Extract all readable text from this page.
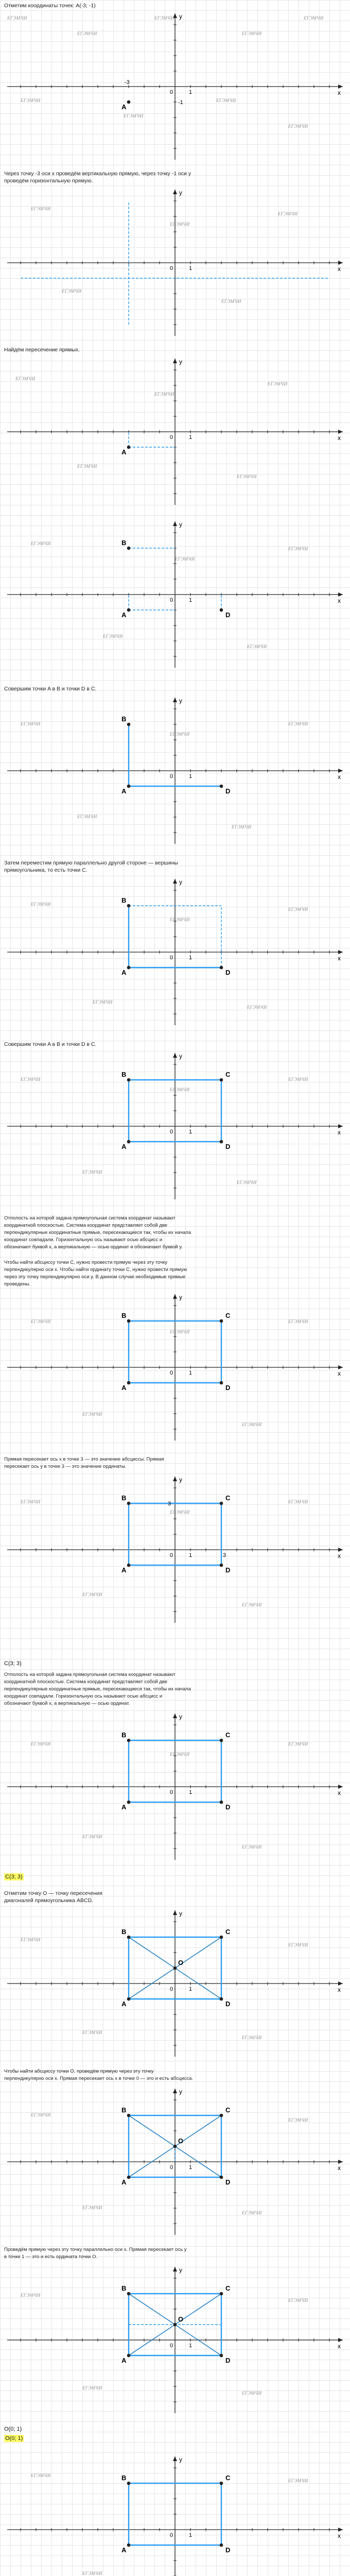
Отметим координаты точек: A(-3; -1)
x
y
0	1
A
-3
-1
Через точку -3 оси x проведём вертикальную прямую, через точку -1 оси y
проведём горизонтальную прямую.
x
y
0	1
Найдём пересечение прямых.
x
y
0	1
A
x
y
0	1
A
B
D
Совершим точки A в B и точки D в C.
x
y
0	1
A
B
D
Затем переместим прямую параллельно другой стороне — вершины
прямоугольника, то есть точки C.
x
y
0	1
A
B
D
Совершим точки A в B и точки D в C.
x
y
0	1
A
B	C
D
Отполость на которой задана прямоугольная система координат называют
координатной плоскостью. Система координат представляет собой две
перпендикулярные координатные прямые, пересекающиеся так, чтобы их начала
координат совпадали. Горизонтальную ось называют осью абсцисс и
обозначают буквой x, а вертикальную — осью ординат и обозначают буквой y.
Чтобы найти абсциссу точки C, нужно провести прямую через эту точку
перпендикулярно оси x. Чтобы найти ординату точки C, нужно провести прямую
через эту точку перпендикулярно оси y. В данном случае необходимые прямые
проведены.
x
y
0	1
A
B	C
D
Прямая пересекает ось x в точке 3 — это значение абсциссы. Прямая
пересекает ось y в точке 3 — это значение ординаты.
x
y
0	1	3
3
A
B	C
D
C(3; 3)
Отполость на которой задана прямоугольная система координат называют
координатной плоскостью. Система координат представляет собой две
перпендикулярные координатные прямые, пересекающиеся так, чтобы их начала
координат совпадали. Горизонтальную ось называют осью абсцисс и
обозначают буквой x, а вертикальную — осью ординат.
x
y
0	1
A
B	C
D
C(3; 3)
Отметим точку O — точку пересечения
диагоналей прямоугольника ABCD.
x
y
0	1
O
A
B	C
D
Чтобы найти абсциссу точки O, проведём прямую через эту точку
перпендикулярно оси x. Прямая пересекает ось x в точке 0 — это и есть абсцисса.
x
y
0	1
O
A
B	C
D
Проведём прямую через эту точку параллельно оси x. Прямая пересекает ось y
в точке 1 — это и есть ордината точки O.
x
y
0	1
O
A
B	C
D
O(0; 1)
O(0; 1)
x
y
0	1
A
B	C
D
ЕГЭМЧИ
ЕГЭМЧИ
ЕГЭМЧИ
ЕГЭМЧИ
ЕГЭМЧИ
ЕГЭМЧИ
ЕГЭМЧИ
ЕГЭМЧИ
ЕГЭМЧИ
ЕГЭМЧИ
ЕГЭМЧИ
ЕГЭМЧИ
ЕГЭМЧИ
ЕГЭМЧИ
ЕГЭМЧИ
ЕГЭМЧИ
ЕГЭМЧИ
ЕГЭМЧИ
ЕГЭМЧИ
ЕГЭМЧИ
ЕГЭМЧИ
ЕГЭМЧИ
ЕГЭМЧИ
ЕГЭМЧИ
ЕГЭМЧИ
ЕГЭМЧИ
ЕГЭМЧИ
ЕГЭМЧИ
ЕГЭМЧИ
ЕГЭМЧИ
ЕГЭМЧИ
ЕГЭМЧИ
ЕГЭМЧИ
ЕГЭМЧИ
ЕГЭМЧИ
ЕГЭМЧИ
ЕГЭМЧИ
ЕГЭМЧИ
ЕГЭМЧИ
ЕГЭМЧИ
ЕГЭМЧИ
ЕГЭМЧИ
ЕГЭМЧИ
ЕГЭМЧИ
ЕГЭМЧИ
ЕГЭМЧИ
ЕГЭМЧИ
ЕГЭМЧИ
ЕГЭМЧИ
ЕГЭМЧИ
ЕГЭМЧИ
ЕГЭМЧИ
ЕГЭМЧИ
ЕГЭМЧИ
ЕГЭМЧИ
ЕГЭМЧИ
ЕГЭМЧИ
ЕГЭМЧИ
ЕГЭМЧИ
ЕГЭМЧИ
ЕГЭМЧИ
ЕГЭМЧИ
ЕГЭМЧИ
ЕГЭМЧИ
ЕГЭМЧИ
ЕГЭМЧИ
ЕГЭМЧИ
ЕГЭМЧИ
ЕГЭМЧИ
